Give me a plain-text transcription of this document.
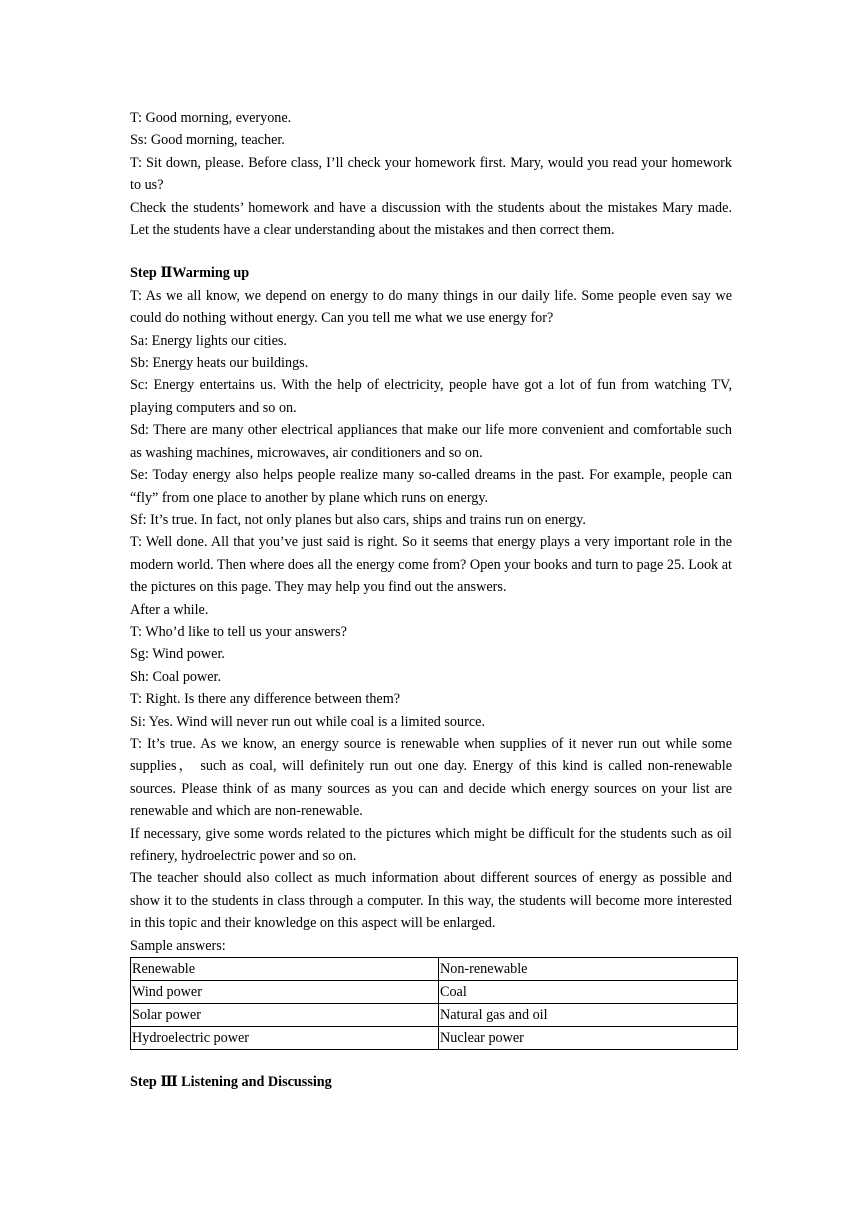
T: Good morning, everyone.

Ss: Good morning, teacher.

T: Sit down, please. Before class, I’ll check your homework first. Mary, would you read your homework to us?

Check the students’ homework and have a discussion with the students about the mistakes Mary made. Let the students have a clear understanding about the mistakes and then correct them.

Step ⅡWarming up

T: As we all know, we depend on energy to do many things in our daily life. Some people even say we could do nothing without energy. Can you tell me what we use energy for?

Sa: Energy lights our cities.

Sb: Energy heats our buildings.

Sc: Energy entertains us. With the help of electricity, people have got a lot of fun from watching TV, playing computers and so on.

Sd: There are many other electrical appliances that make our life more convenient and comfortable such as washing machines, microwaves, air conditioners and so on.

Se: Today energy also helps people realize many so-called dreams in the past. For example, people can “fly” from one place to another by plane which runs on energy.

Sf: It’s true. In fact, not only planes but also cars, ships and trains run on energy.

T: Well done. All that you’ve just said is right. So it seems that energy plays a very important role in the modern world. Then where does all the energy come from? Open your books and turn to page 25. Look at the pictures on this page. They may help you find out the answers.

After a while.

T: Who’d like to tell us your answers?

Sg: Wind power.

Sh: Coal power.

T: Right. Is there any difference between them?

Si: Yes. Wind will never run out while coal is a limited source.

T: It’s true. As we know, an energy source is renewable when supplies of it never run out while some supplies， such as coal, will definitely run out one day. Energy of this kind is called non-renewable sources. Please think of as many sources as you can and decide which energy sources on your list are renewable and which are non-renewable.

If necessary, give some words related to the pictures which might be difficult for the students such as oil refinery, hydroelectric power and so on.

The teacher should also collect as much information about different sources of energy as possible and show it to the students in class through a computer. In this way, the students will become more interested in this topic and their knowledge on this aspect will be enlarged.

Sample answers:

Renewable	Non-renewable
Wind power	Coal
Solar power	Natural gas and oil
Hydroelectric power	Nuclear power

Step Ⅲ Listening and Discussing
